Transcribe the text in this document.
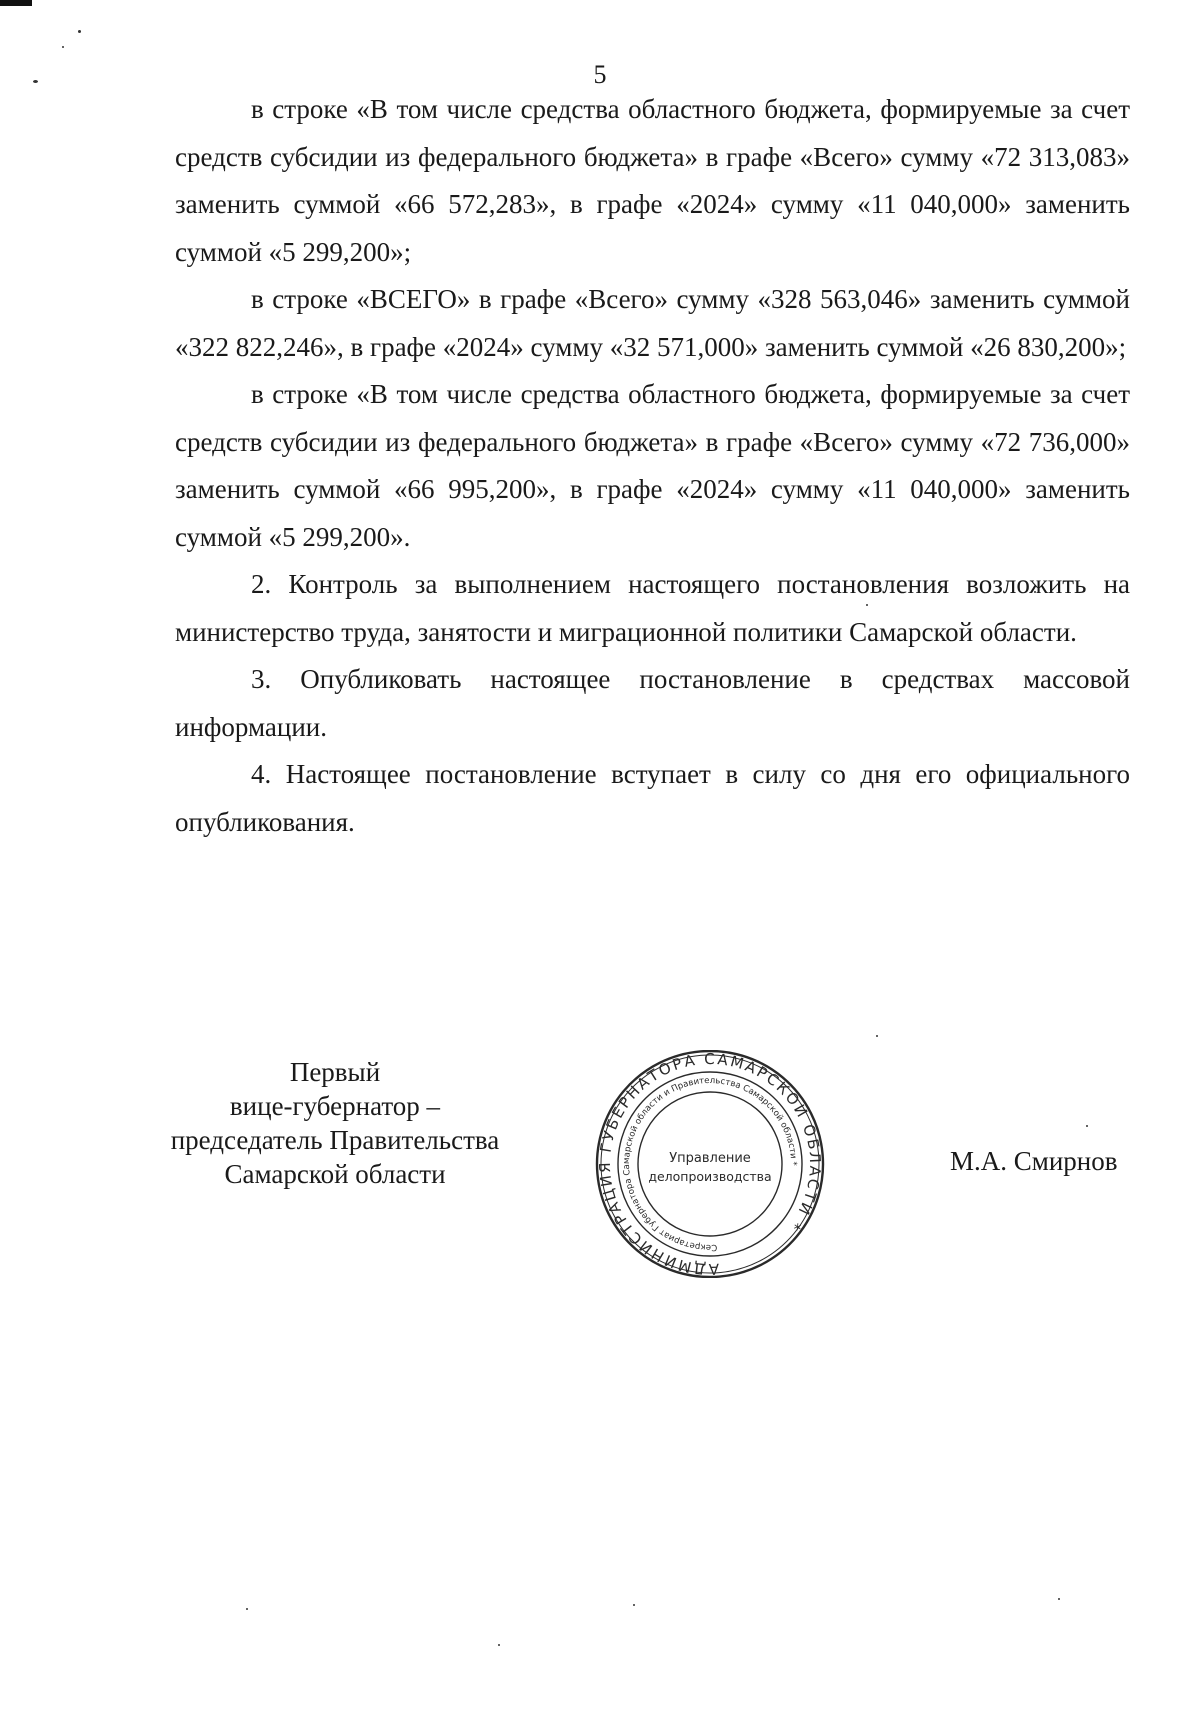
5

в строке «В том числе средства областного бюджета, формируемые за счет средств субсидии из федерального бюджета» в графе «Всего» сумму «72 313,083» заменить суммой «66 572,283», в графе «2024» сумму «11 040,000» заменить суммой «5 299,200»;

в строке «ВСЕГО» в графе «Всего» сумму «328 563,046» заменить суммой «322 822,246», в графе «2024» сумму «32 571,000» заменить суммой «26 830,200»;

в строке «В том числе средства областного бюджета, формируемые за счет средств субсидии из федерального бюджета» в графе «Всего» сумму «72 736,000» заменить суммой «66 995,200», в графе «2024» сумму «11 040,000» заменить суммой «5 299,200».

2. Контроль за выполнением настоящего постановления возложить на министерство труда, занятости и миграционной политики Самарской области.

3. Опубликовать настоящее постановление в средствах массовой информации.

4. Настоящее постановление вступает в силу со дня его официального опубликования.

Первый
вице-губернатор –
председатель Правительства
Самарской области
АДМИНИСТРАЦИЯ ГУБЕРНАТОРА САМАРСКОЙ ОБЛАСТИ *
Секретариат Губернатора Самарской области и Правительства Самарской области *
Управление
делопроизводства
М.А. Смирнов
